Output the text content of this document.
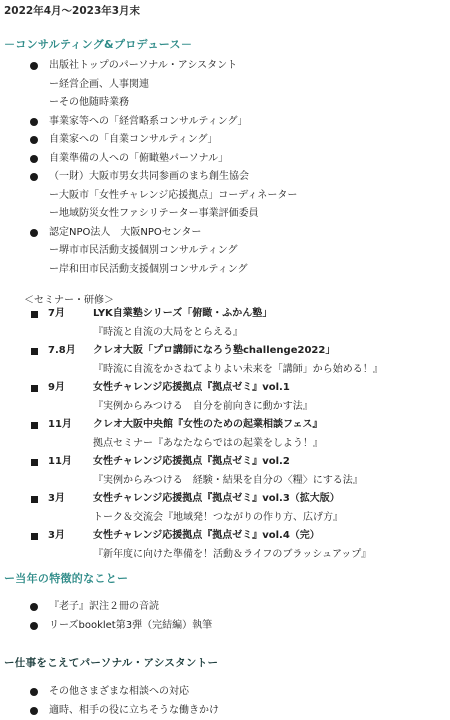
2022年4月～2023年3月末
－コンサルティング&プロデュース－
出版社トップのパーソナル・アシスタント
ー経営企画、人事関連
ーその他随時業務
事業家等への「経営略系コンサルティング」
自業家への「自業コンサルティング」
自業準備の人への「俯瞰塾パーソナル」
（一財）大阪市男女共同参画のまち創生協会
ー大阪市「女性チャレンジ応援拠点」コーディネーター
ー地域防災女性ファシリテーター事業評価委員
認定NPO法人　大阪NPOセンター
ー堺市市民活動支援個別コンサルティング
ー岸和田市民活動支援個別コンサルティング
＜セミナー・研修＞
7月	LYK自業塾シリーズ「俯瞰・ふかん塾」
『時流と自流の大局をとらえる』
7.8月 クレオ大阪「プロ講師になろう塾challenge2022」
『時流に自流をかさねてよりよい未来を「講師」から始める！』
9月	女性チャレンジ応援拠点『拠点ゼミ』vol.1
『実例からみつける　自分を前向きに動かす法』
11月 クレオ大阪中央館『女性のための起業相談フェス』
拠点セミナー『あなたならではの起業をしよう！』
11月 女性チャレンジ応援拠点『拠点ゼミ』vol.2
『実例からみつける　経験・結果を自分の〈糧〉にする法』
3月	女性チャレンジ応援拠点『拠点ゼミ』vol.3（拡大版）
トーク＆交流会『地域発！つながりの作り方、広げ方』
3月	女性チャレンジ応援拠点『拠点ゼミ』vol.4（完）
『新年度に向けた準備を！活動＆ライフのブラッシュアップ』
ー当年の特徴的なことー
『老子』訳注２冊の音読
リーズbooklet第3弾（完結編）執筆
ー仕事をこえてパーソナル・アシスタントー
その他さまざまな相談への対応
適時、相手の役に立ちそうな働きかけ
